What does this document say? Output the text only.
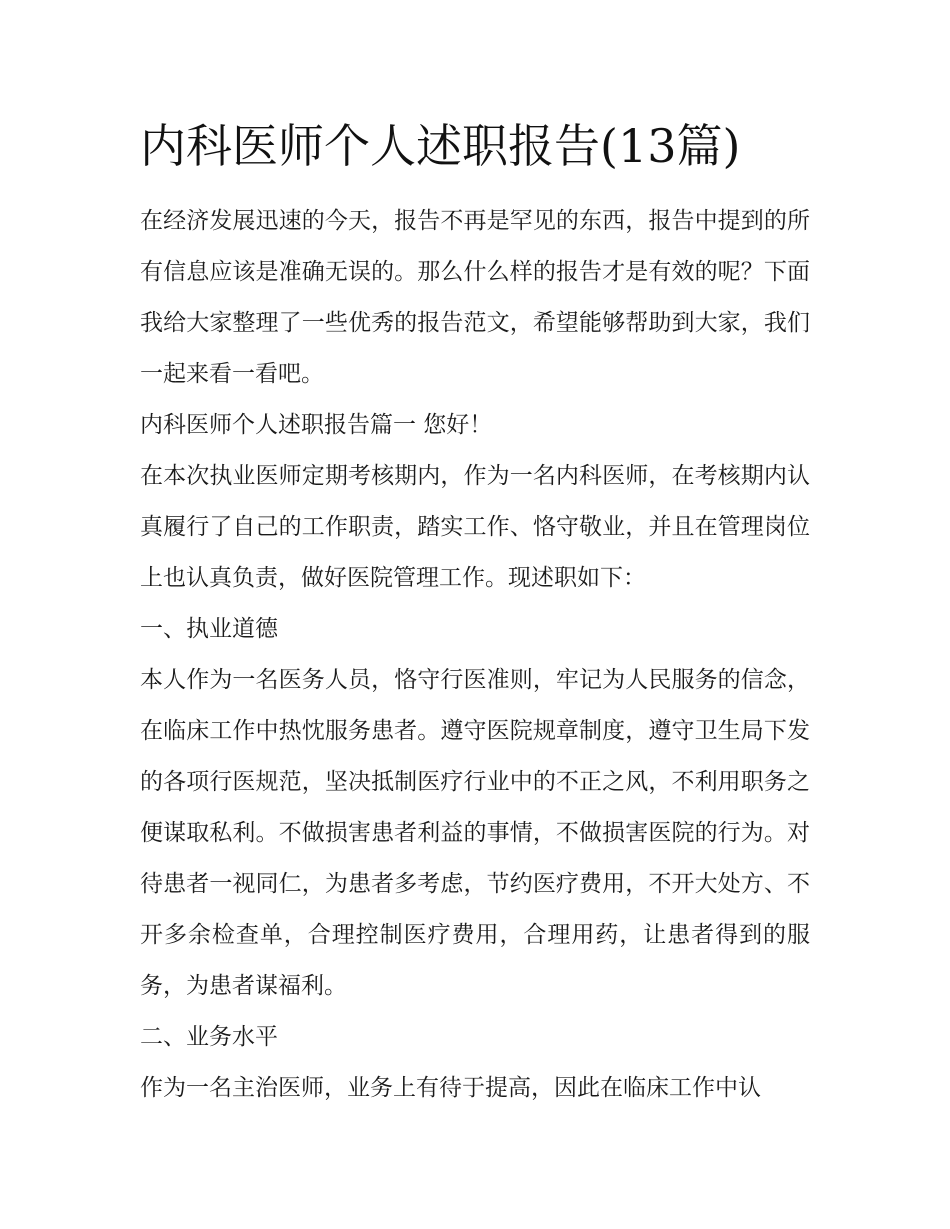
内科医师个人述职报告(13篇)

在经济发展迅速的今天，报告不再是罕见的东西，报告中提到的所有信息应该是准确无误的。那么什么样的报告才是有效的呢？下面我给大家整理了一些优秀的报告范文，希望能够帮助到大家，我们一起来看一看吧。

内科医师个人述职报告篇一 您好！

在本次执业医师定期考核期内，作为一名内科医师，在考核期内认真履行了自己的工作职责，踏实工作、恪守敬业，并且在管理岗位上也认真负责，做好医院管理工作。现述职如下：

一、执业道德

本人作为一名医务人员，恪守行医准则，牢记为人民服务的信念，在临床工作中热忱服务患者。遵守医院规章制度，遵守卫生局下发的各项行医规范，坚决抵制医疗行业中的不正之风，不利用职务之便谋取私利。不做损害患者利益的事情，不做损害医院的行为。对待患者一视同仁，为患者多考虑，节约医疗费用，不开大处方、不开多余检查单，合理控制医疗费用，合理用药，让患者得到的服务，为患者谋福利。

二、业务水平

作为一名主治医师，业务上有待于提高，因此在临床工作中认
